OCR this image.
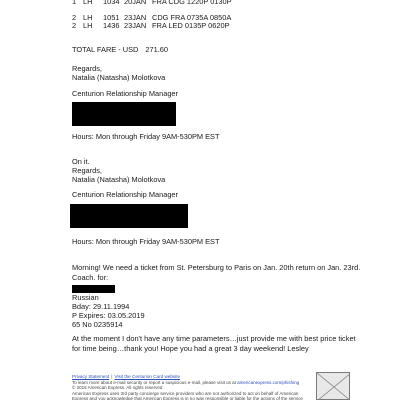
1 LH 1034 20JAN FRA CDG 1220P 0130P
2 LH 1051 23JAN CDG FRA 0735A 0850A
2 LH 1436 23JAN FRA LED 0135P 0620P

TOTAL FARE - USD 271.60

Regards,

Natalia (Natasha) Molotkova

Centurion Relationship Manager

Hours: Mon through Friday 9AM-530PM EST

On it.

Regards,

Natalia (Natasha) Molotkova

Centurion Relationship Manager

Hours: Mon through Friday 9AM-530PM EST

Morning! We need a ticket from St. Petersburg to Paris on Jan. 20th return on Jan. 23rd. Coach. for:

Russian

Bday: 29.11.1994

P Expires: 03.05.2019

65 No 0235914

At the moment I don't have any time parameters…just provide me with best price ticket for time being…thank you! Hope you had a great 3 day weekend! Lesley

Privacy Statement | Visit the Centurion Card website
To learn more about e-mail security or report a suspicious e-mail, please visit us at americanexpress.com/phishing
© 2015 American Express. All rights reserved
American Express uses 3rd party concierge service providers who are not authorized to act on behalf of American
Express and you acknowledge that American Express is in no way responsible or liable for the actions of the service
